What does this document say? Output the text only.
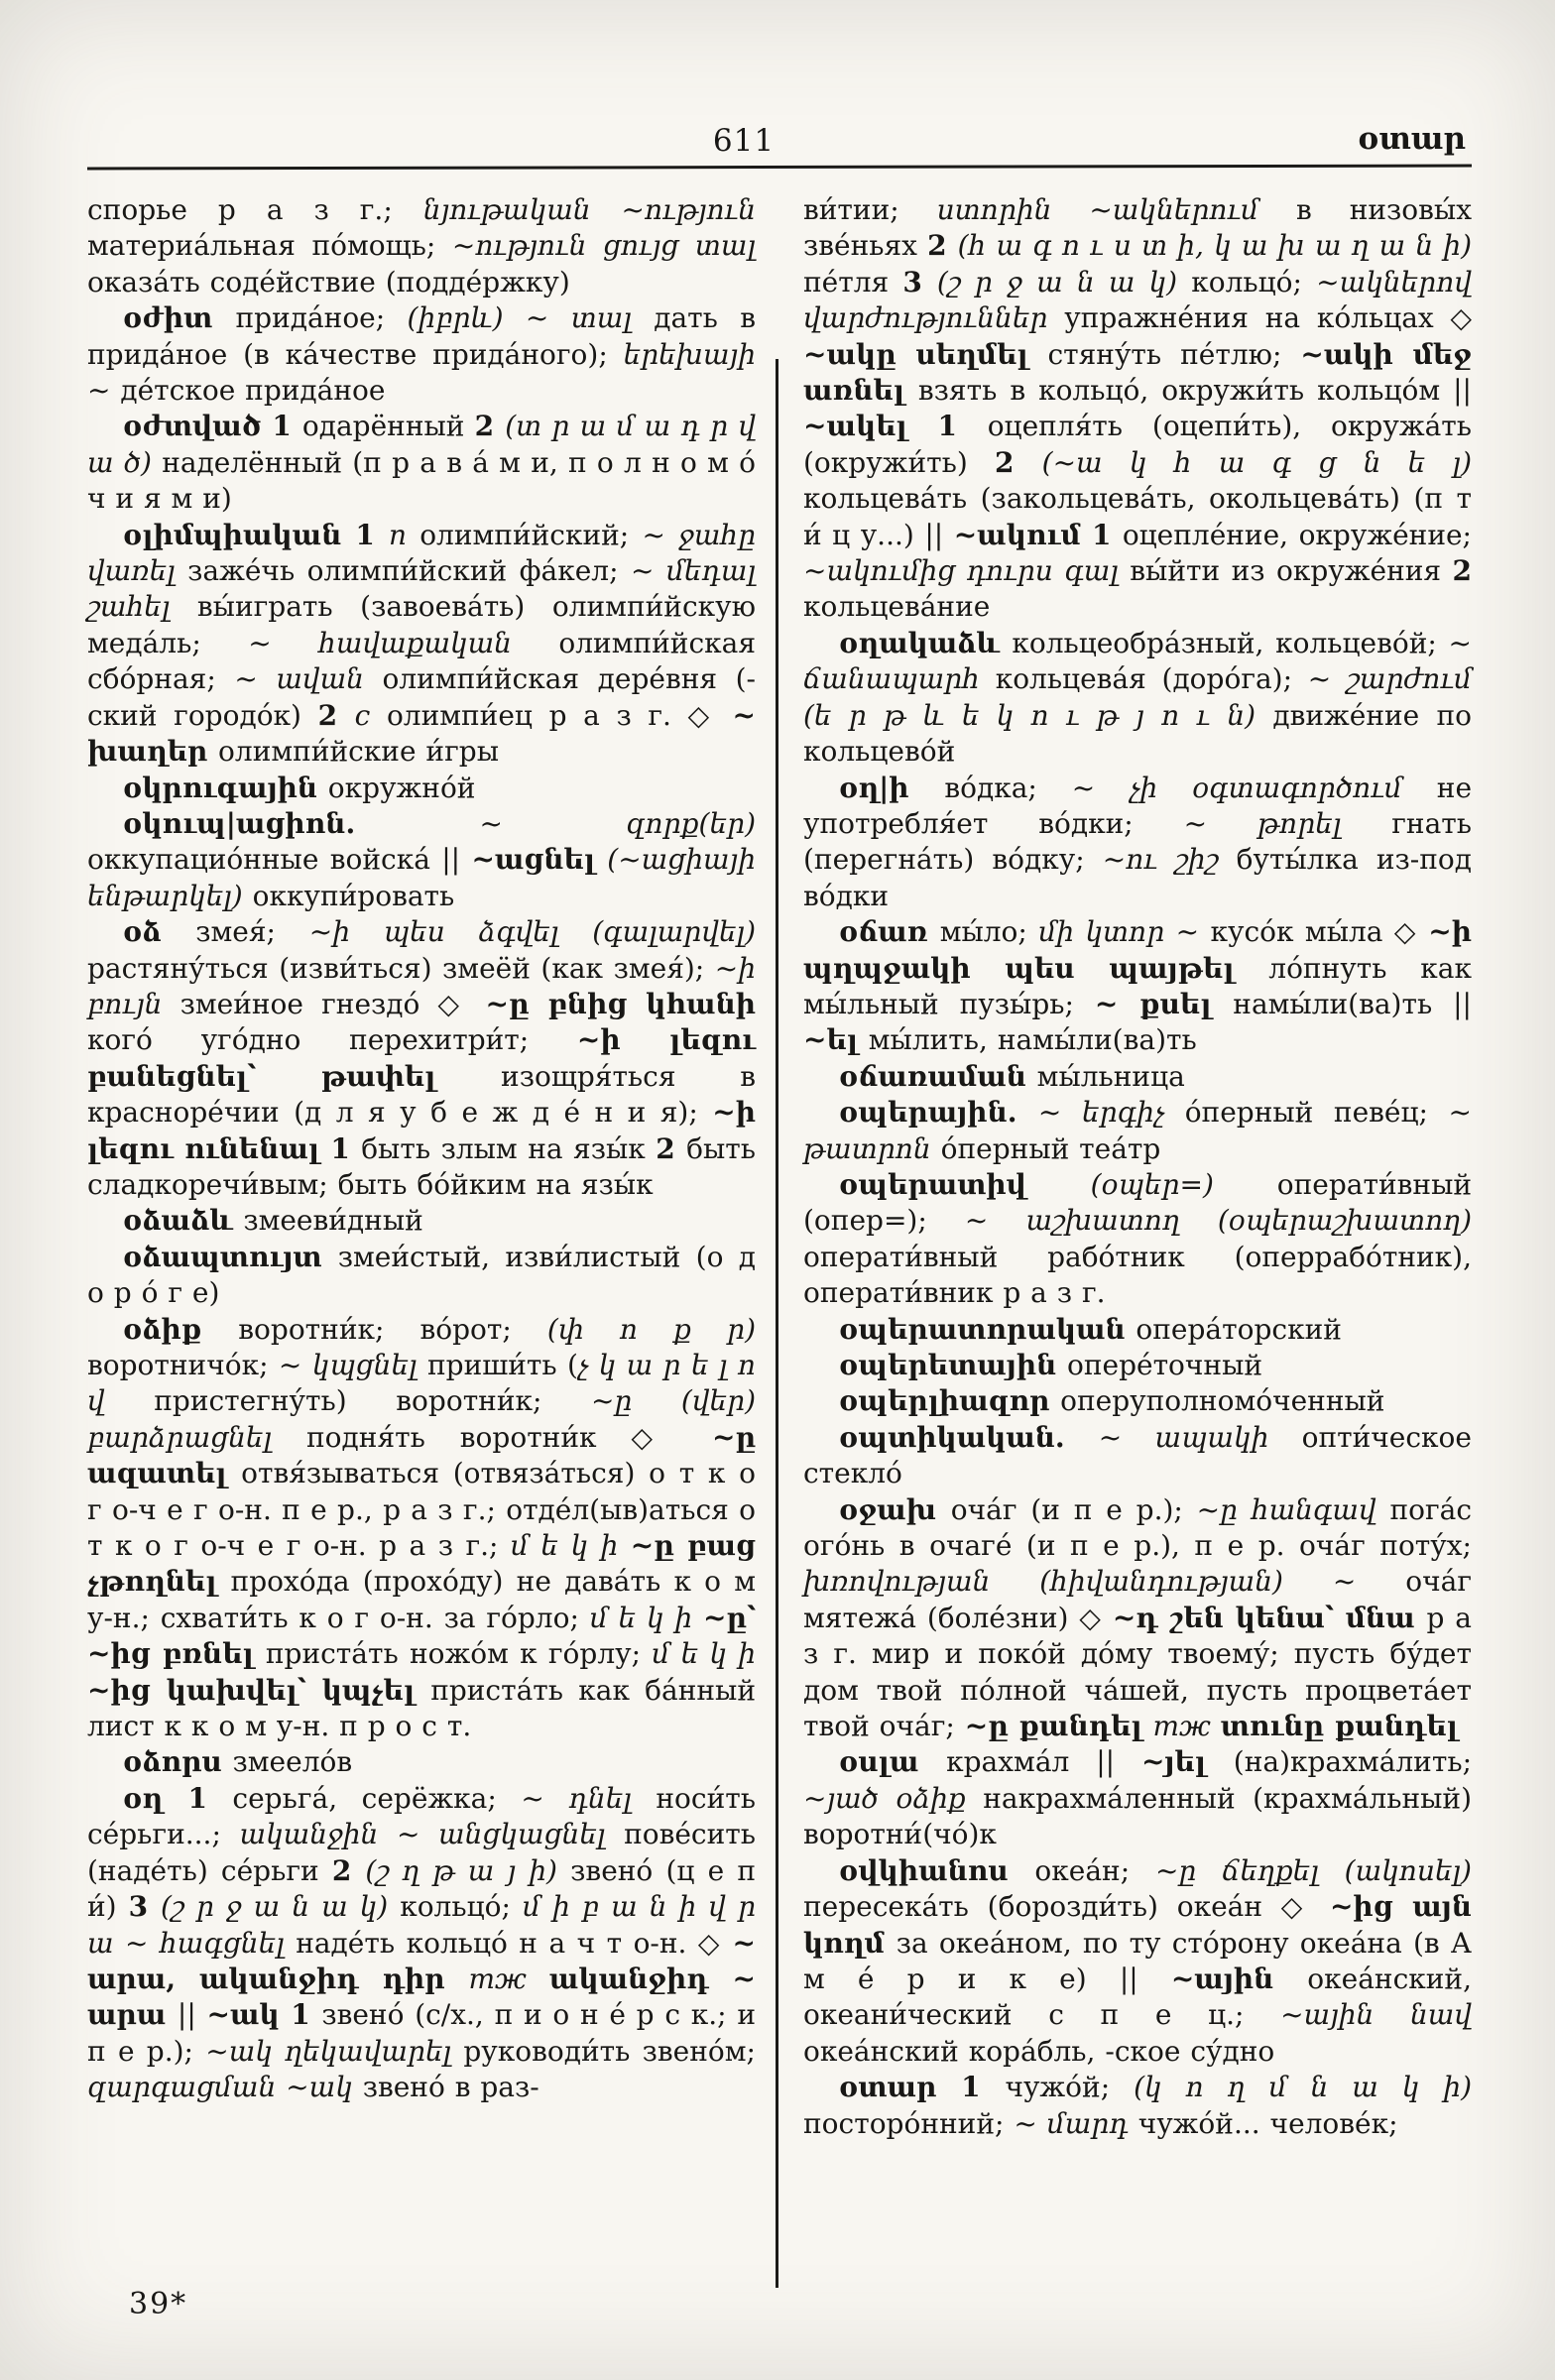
611	օտար

спорье р а з г.; նյութական ~ություն материа́льная по́мощь; ~ություն ցույց տալ оказа́ть соде́йствие (подде́ржку)

օժիտ прида́ное; (իբրև) ~ տալ дать в прида́ное (в ка́честве прида́ного); երեխայի ~ де́тское прида́ное

օժտված 1 одарённый 2 (տ ր ա մ ա դ ր վ ա ծ) наделённый (п р а в а́ м и, п о л н о м о́ ч и я м и)

օլիմպիական 1 п олимпи́йский; ~ ջահը վառել заже́чь олимпи́йский фа́кел; ~ մեդալ շահել вы́играть (завоева́ть) олимпи́йскую меда́ль; ~ հավաքական олимпи́йская сбо́рная; ~ ավան олимпи́йская дере́вня (-ский городо́к) 2 с олимпи́ец р а з г. ◇ ~ խաղեր олимпи́йские и́гры

օկրուգային окружно́й

օկուպ|ացիոն. ~ զորք(եր) оккупацио́нные войска́ || ~ացնել (~ացիայի ենթարկել) оккупи́ровать

օձ змея́; ~ի պես ձգվել (գալարվել) растяну́ться (изви́ться) змеёй (как змея́); ~ի բույն змеи́ное гнездо́ ◇ ~ը բնից կհանի кого́ уго́дно перехитри́т; ~ի լեզու բանեցնել՝ թափել изощря́ться в красноре́чии (д л я у б е ж д е́ н и я); ~ի լեզու ունենալ 1 быть злым на язы́к 2 быть сладкоречи́вым; быть бо́йким на язы́к

օձաձև змееви́дный

օձապտույտ змеи́стый, изви́листый (о д о р о́ г е)

օձիք воротни́к; во́рот; (փ ո ք ր) воротничо́к; ~ կպցնել приши́ть (չ կ ա ր ե լ ո վ пристегну́ть) воротни́к; ~ը (վեր) բարձրացնել подня́ть воротни́к ◇ ~ը ազատել отвя́зываться (отвяза́ться) о т к о г о-ч е г о-н. п е р., р а з г.; отде́л(ыв)аться о т к о г о-ч е г о-н. р а з г.; մ ե կ ի ~ը բաց չթողնել прохо́да (прохо́ду) не дава́ть к о м у-н.; схвати́ть к о г о-н. за го́рло; մ ե կ ի ~ը՝ ~ից բռնել приста́ть ножо́м к го́рлу; մ ե կ ի ~ից կախվել՝ կպչել приста́ть как ба́нный лист к к о м у-н. п р о с т.

օձորս змеело́в

օղ 1 серьга́, серёжка; ~ դնել носи́ть се́рьги...; ականջին ~ անցկացնել пове́сить (наде́ть) се́рьги 2 (շ ղ թ ա յ ի) звено́ (ц е п и́) 3 (շ ր ջ ա ն ա կ) кольцо́; մ ի բ ա ն ի վ ր ա ~ հագցնել наде́ть кольцо́ н а ч т о-н. ◇ ~ արա, ականջիդ դիր тж ականջիդ ~ արա || ~ակ 1 звено́ (с/х., п и о н е́ р с к.; и п е р.); ~ակ ղեկավարել руководи́ть звено́м; զարգացման ~ակ звено́ в раз-

ви́тии; ստորին ~ակներում в низовы́х зве́ньях 2 (հ ա գ ո ւ ս տ ի, կ ա խ ա ղ ա ն ի) пе́тля 3 (շ ր ջ ա ն ա կ) кольцо́; ~ակներով վարժություններ упражне́ния на ко́льцах ◇ ~ակը սեղմել стяну́ть пе́тлю; ~ակի մեջ առնել взять в кольцо́, окружи́ть кольцо́м || ~ակել 1 оцепля́ть (оцепи́ть), окружа́ть (окружи́ть) 2 (~ա կ հ ա գ ց ն ե լ) кольцева́ть (закольцева́ть, окольцева́ть) (п т и́ ц у...) || ~ակում 1 оцепле́ние, окруже́ние; ~ակումից դուրս գալ вы́йти из окруже́ния 2 кольцева́ние

օղակաձև кольцеобра́зный, кольцево́й; ~ ճանապարհ кольцева́я (доро́га); ~ շարժում (ե ր թ և ե կ ո ւ թ յ ո ւ ն) движе́ние по кольцево́й

օղ|ի во́дка; ~ չի օգտագործում не употребля́ет во́дки; ~ թորել гнать (перегна́ть) во́дку; ~ու շիշ буты́лка из-под во́дки

օճառ мы́ло; մի կտոր ~ кусо́к мы́ла ◇ ~ի պղպջակի պես պայթել ло́пнуть как мы́льный пузы́рь; ~ քսել намы́ли(ва)ть || ~ել мы́лить, намы́ли(ва)ть

օճառաման мы́льница

օպերային. ~ երգիչ о́перный певе́ц; ~ թատրոն о́перный теа́тр

օպերատիվ (օպեր=) операти́вный (опер=); ~ աշխատող (օպերաշխատող) операти́вный рабо́тник (оперрабо́тник), операти́вник р а з г.

օպերատորական опера́торский

օպերետային опере́точный

օպերլիազոր оперуполномо́ченный

օպտիկական. ~ ապակի опти́ческое стекло́

օջախ оча́г (и п е р.); ~ը հանգավ пога́с ого́нь в очаге́ (и п е р.), п е р. оча́г поту́х; խռովության (հիվանդության) ~ оча́г мятежа́ (боле́зни) ◇ ~դ շեն կենա՝ մնա р а з г. мир и поко́й до́му твоему́; пусть бу́дет дом твой по́лной ча́шей, пусть процвета́ет твой оча́г; ~ը քանդել тж տունը քանդել

օսլա крахма́л || ~յել (на)крахма́лить; ~յած օձիք накрахма́ленный (крахма́льный) воротни́(чо́)к

օվկիանոս океа́н; ~ը ճեղքել (ակոսել) пересека́ть (борозди́ть) океа́н ◇ ~ից այն կողմ за океа́ном, по ту сто́рону океа́на (в А м е́ р и к е) || ~ային океа́нский, океани́ческий с п е ц.; ~ային նավ океа́нский кора́бль, -ское су́дно

օտար 1 чужо́й; (կ ո ղ մ ն ա կ ի) посторо́нний; ~ մարդ чужо́й... челове́к;

39*
